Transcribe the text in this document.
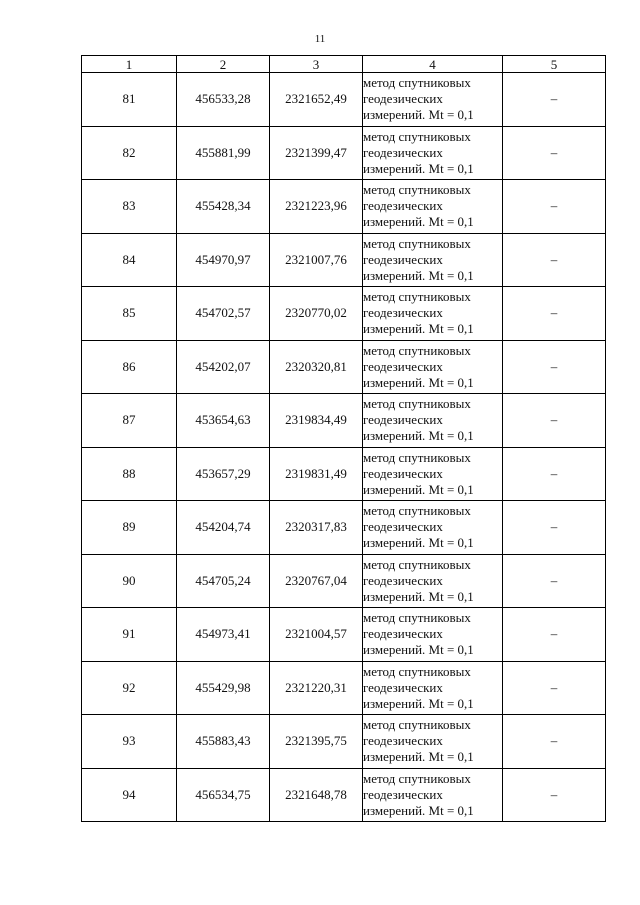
11
1	2	3	4	5
81	456533,28	2321652,49	метод спутниковых
геодезических
измерений. Mt = 0,1	–
82	455881,99	2321399,47	метод спутниковых
геодезических
измерений. Mt = 0,1	–
83	455428,34	2321223,96	метод спутниковых
геодезических
измерений. Mt = 0,1	–
84	454970,97	2321007,76	метод спутниковых
геодезических
измерений. Mt = 0,1	–
85	454702,57	2320770,02	метод спутниковых
геодезических
измерений. Mt = 0,1	–
86	454202,07	2320320,81	метод спутниковых
геодезических
измерений. Mt = 0,1	–
87	453654,63	2319834,49	метод спутниковых
геодезических
измерений. Mt = 0,1	–
88	453657,29	2319831,49	метод спутниковых
геодезических
измерений. Mt = 0,1	–
89	454204,74	2320317,83	метод спутниковых
геодезических
измерений. Mt = 0,1	–
90	454705,24	2320767,04	метод спутниковых
геодезических
измерений. Mt = 0,1	–
91	454973,41	2321004,57	метод спутниковых
геодезических
измерений. Mt = 0,1	–
92	455429,98	2321220,31	метод спутниковых
геодезических
измерений. Mt = 0,1	–
93	455883,43	2321395,75	метод спутниковых
геодезических
измерений. Mt = 0,1	–
94	456534,75	2321648,78	метод спутниковых
геодезических
измерений. Mt = 0,1	–
